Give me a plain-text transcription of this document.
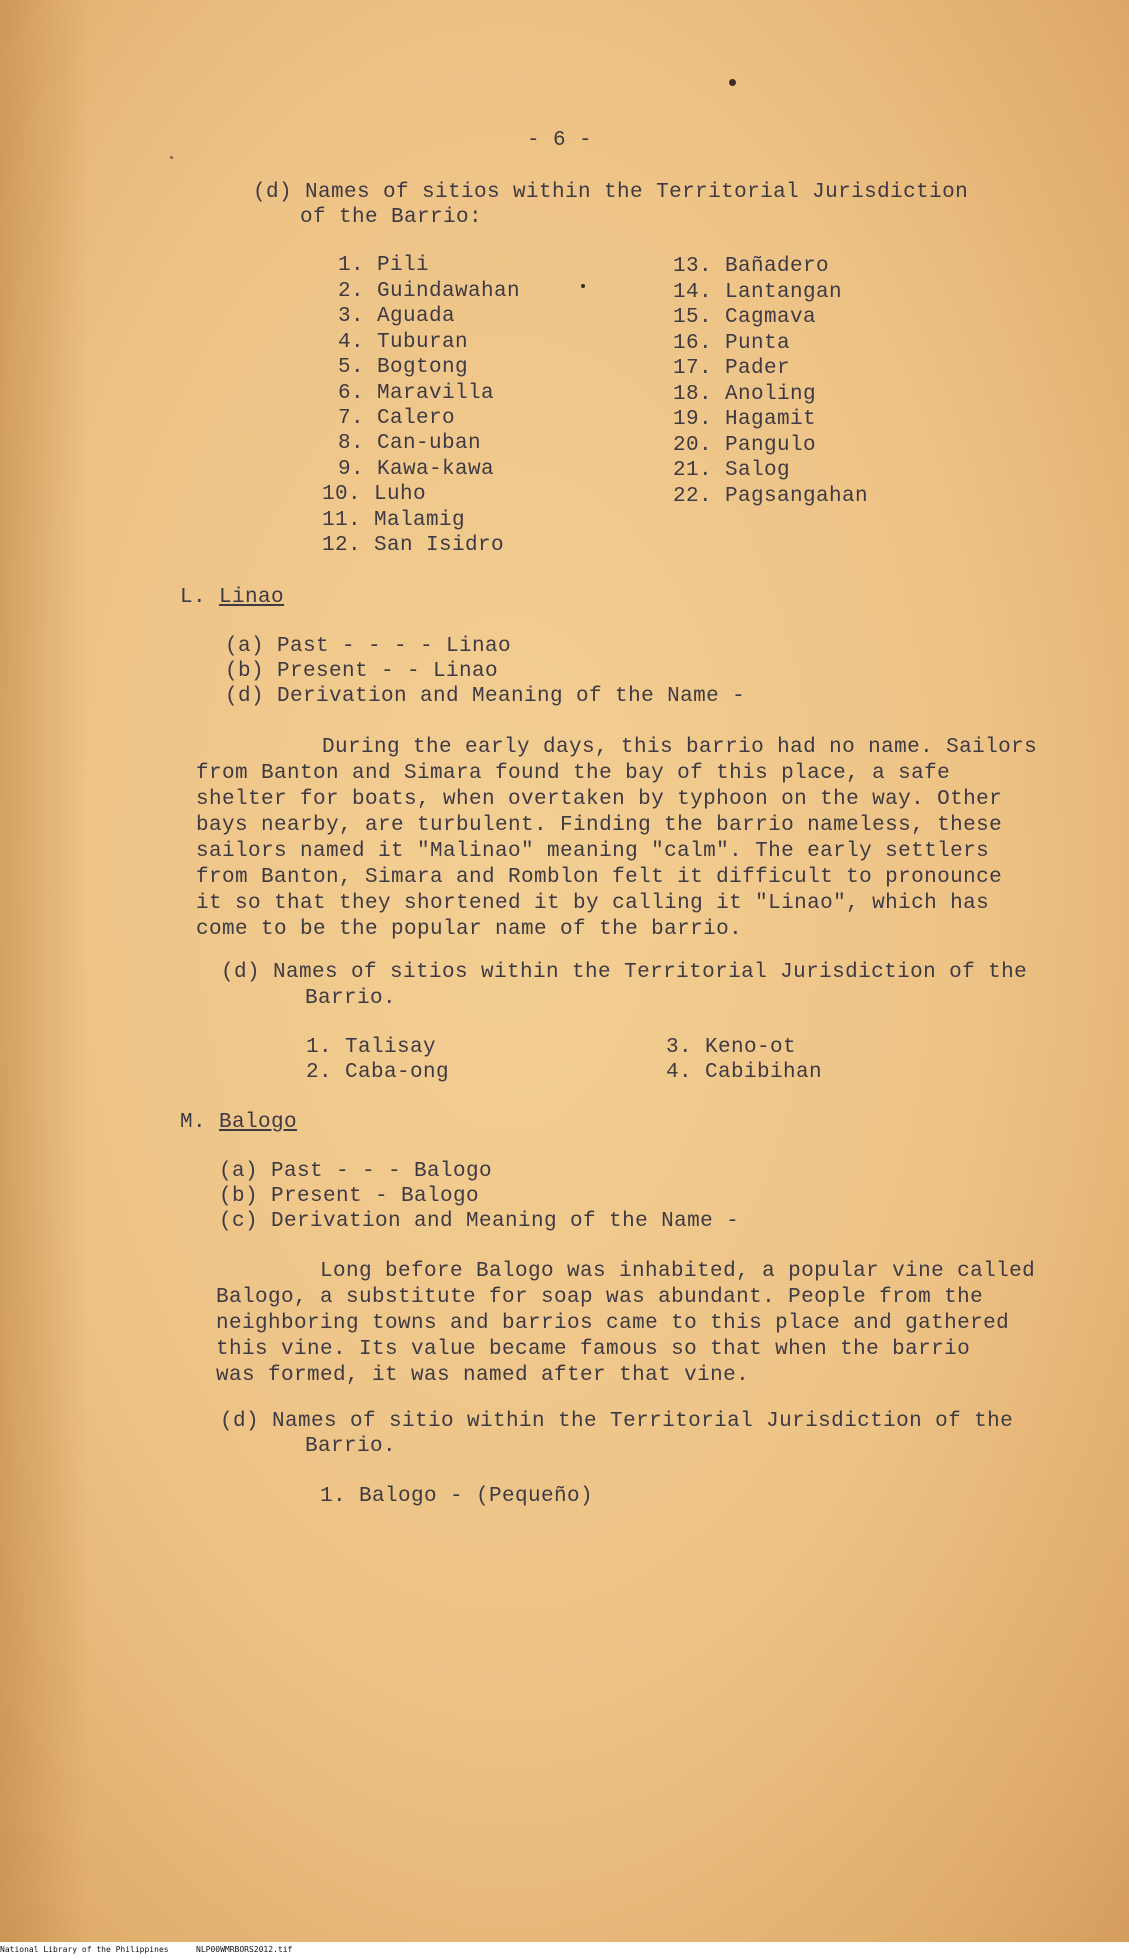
- 6 -
(d) Names of sitios within the Territorial Jurisdiction
of the Barrio:
1. Pili
2. Guindawahan
3. Aguada
4. Tuburan
5. Bogtong
6. Maravilla
7. Calero
8. Can-uban
9. Kawa-kawa
10. Luho
11. Malamig
12. San Isidro
13. Bañadero
14. Lantangan
15. Cagmava
16. Punta
17. Pader
18. Anoling
19. Hagamit
20. Pangulo
21. Salog
22. Pagsangahan
L. Linao
(a) Past - - - - Linao
(b) Present - - Linao
(d) Derivation and Meaning of the Name -
During the early days, this barrio had no name. Sailors
from Banton and Simara found the bay of this place, a safe
shelter for boats, when overtaken by typhoon on the way. Other
bays nearby, are turbulent. Finding the barrio nameless, these
sailors named it "Malinao" meaning "calm". The early settlers
from Banton, Simara and Romblon felt it difficult to pronounce
it so that they shortened it by calling it "Linao", which has
come to be the popular name of the barrio.
(d) Names of sitios within the Territorial Jurisdiction of the
Barrio.
1. Talisay
2. Caba-ong
3. Keno-ot
4. Cabibihan
M. Balogo
(a) Past - - - Balogo
(b) Present - Balogo
(c) Derivation and Meaning of the Name -
Long before Balogo was inhabited, a popular vine called
Balogo, a substitute for soap was abundant. People from the
neighboring towns and barrios came to this place and gathered
this vine. Its value became famous so that when the barrio
was formed, it was named after that vine.
(d) Names of sitio within the Territorial Jurisdiction of the
Barrio.
1. Balogo - (Pequeño)
National Library of the Philippines	NLP00WMRBORS2012.tif
